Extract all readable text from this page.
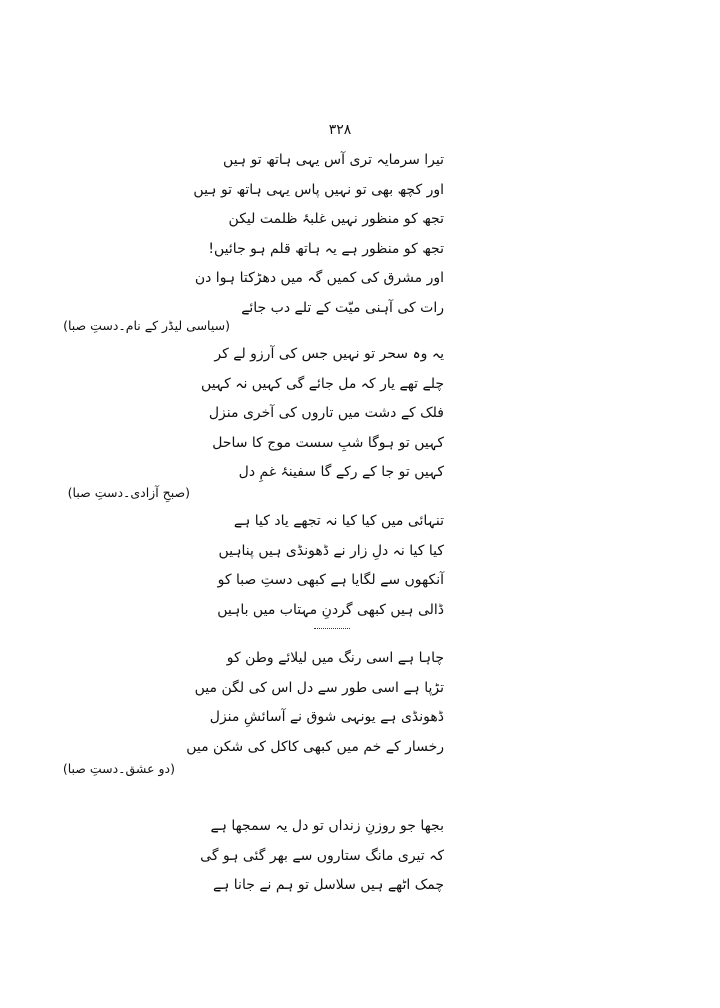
۳۲۸
تیرا سرمایہ تری آس یہی ہاتھ تو ہیں
اور کچھ بھی تو نہیں پاس یہی ہاتھ تو ہیں
تجھ کو منظور نہیں غلبۂ ظلمت لیکن
تجھ کو منظور ہے یہ ہاتھ قلم ہو جائیں!
اور مشرق کی کمیں گہ میں دھڑکتا ہوا دن
رات کی آہنی میّت کے تلے دب جائے
(سیاسی لیڈر کے نام۔دستِ صبا)
یہ وہ سحر تو نہیں جس کی آرزو لے کر
چلے تھے یار کہ مل جائے گی کہیں نہ کہیں
فلک کے دشت میں تاروں کی آخری منزل
کہیں تو ہوگا شبِ سست موج کا ساحل
کہیں تو جا کے رکے گا سفینۂ غمِ دل
(صبحِ آزادی۔دستِ صبا)
تنہائی میں کیا کیا نہ تجھے یاد کیا ہے
کیا کیا نہ دلِ زار نے ڈھونڈی ہیں پناہیں
آنکھوں سے لگایا ہے کبھی دستِ صبا کو
ڈالی ہیں کبھی گردنِ مہتاب میں باہیں
چاہا ہے اسی رنگ میں لیلائے وطن کو
تڑپا ہے اسی طور سے دل اس کی لگن میں
ڈھونڈی ہے یونہی شوق نے آسائشِ منزل
رخسار کے خم میں کبھی کاکل کی شکن میں
(دو عشق۔دستِ صبا)
بجھا جو روزنِ زنداں تو دل یہ سمجھا ہے
کہ تیری مانگ ستاروں سے بھر گئی ہو گی
چمک اٹھے ہیں سلاسل تو ہم نے جانا ہے
